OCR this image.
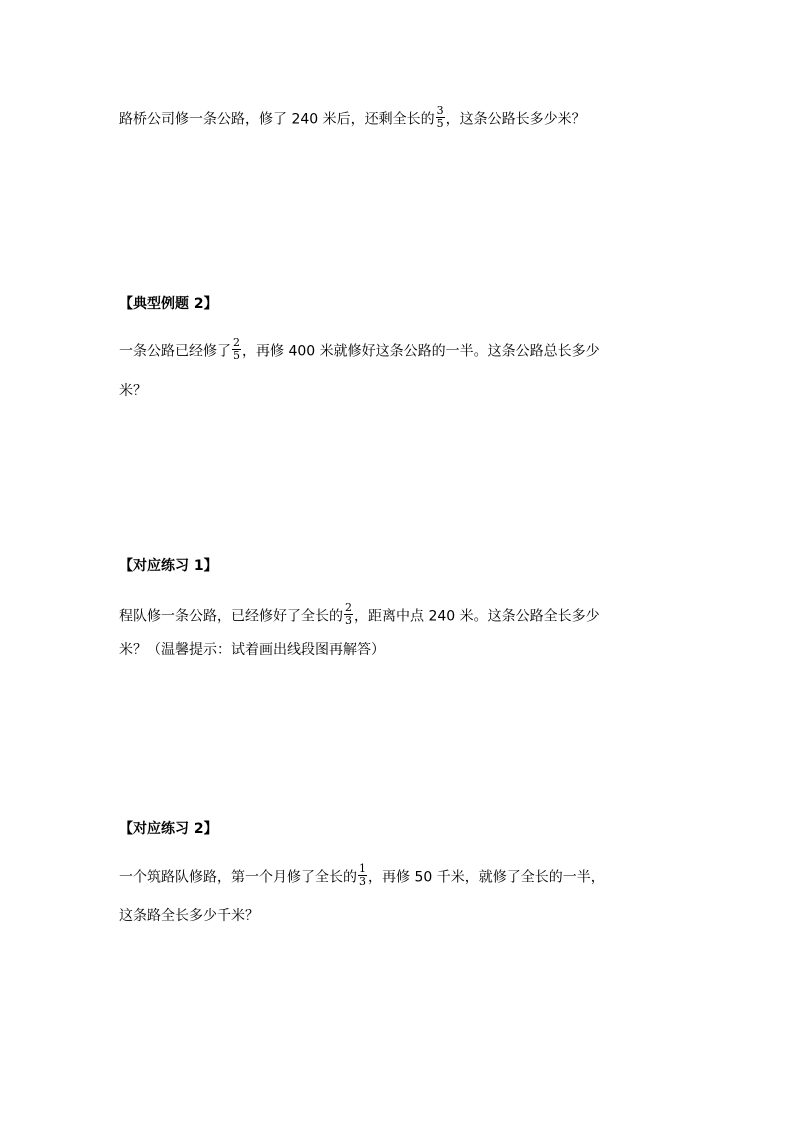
路桥公司修一条公路，修了 240 米后，还剩全长的 $\frac{3}{5}$ ，这条公路长多少米？
【典型例题 2】
一条公路已经修了 $\frac{2}{5}$ ，再修 400 米就修好这条公路的一半。这条公路总长多少
米？
【对应练习 1】
程队修一条公路，已经修好了全长的 $\frac{2}{3}$ ，距离中点 240 米。这条公路全长多少
米？（温馨提示：试着画出线段图再解答）
【对应练习 2】
一个筑路队修路，第一个月修了全长的 $\frac{1}{3}$ ，再修 50 千米，就修了全长的一半，
这条路全长多少千米？
